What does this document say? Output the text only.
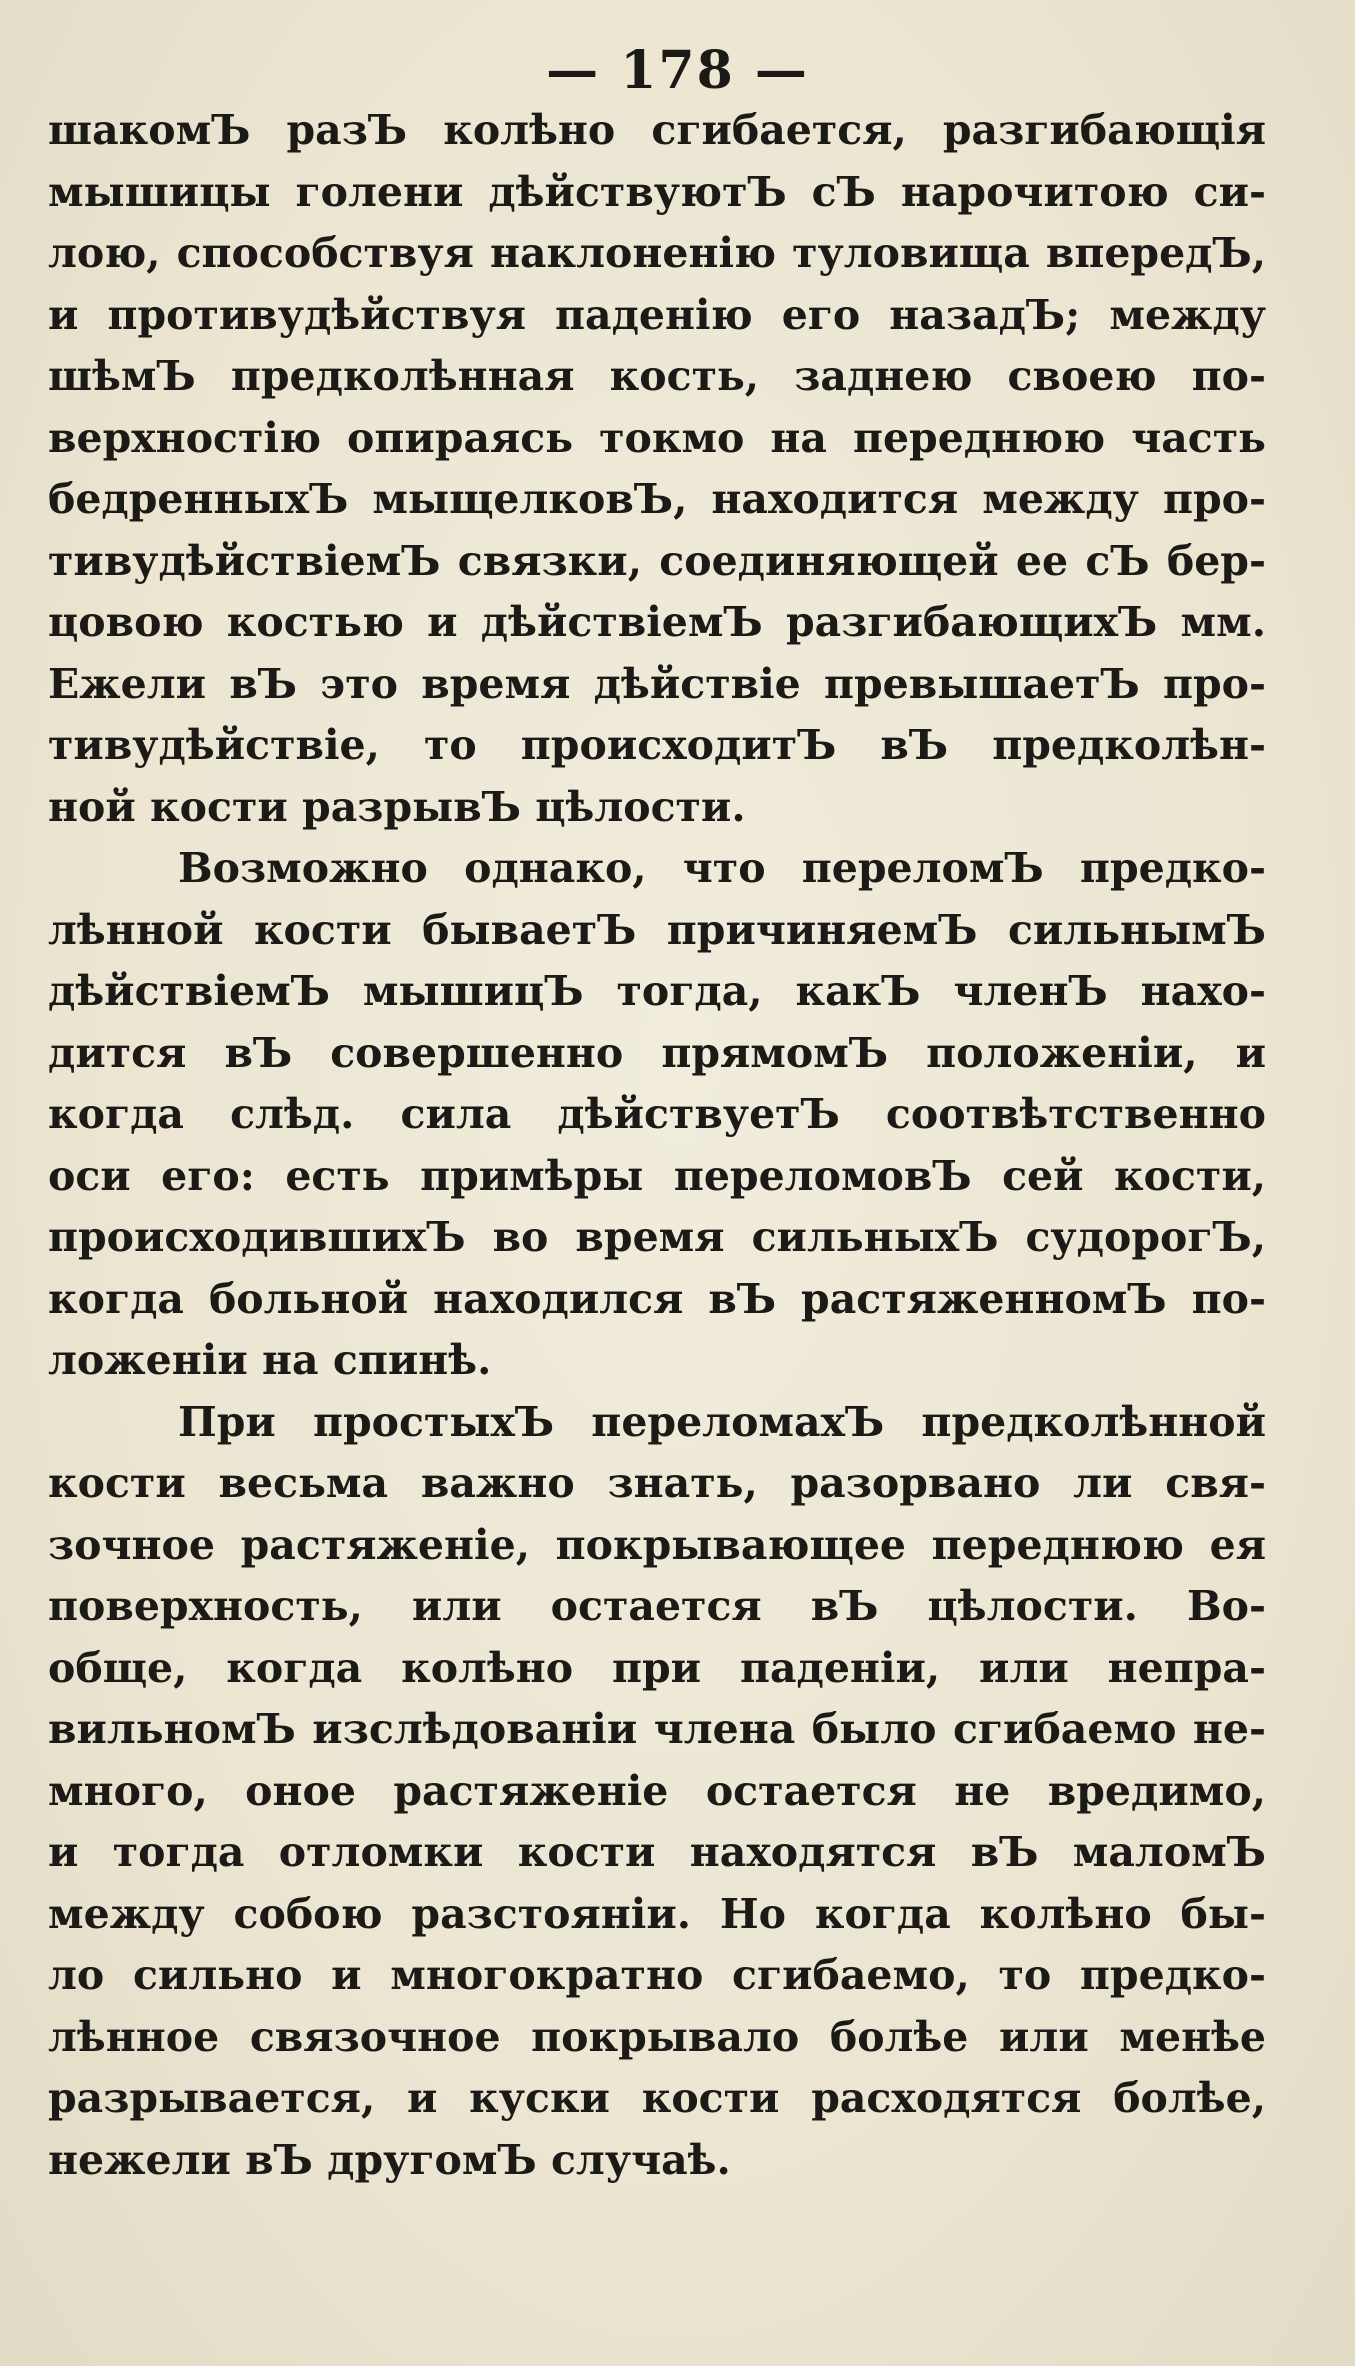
— 178 —
шакомЪ разЪ колѣно сгибается, разгибающія
мышицы голени дѣйствуютЪ сЪ нарочитою си-
лою, способствуя наклоненію туловища впередЪ,
и противудѣйствуя паденію его назадЪ; между
шѣмЪ предколѣнная кость, заднею своею по-
верхностію опираясь токмо на переднюю часть
бедренныхЪ мыщелковЪ, находится между про-
тивудѣйствіемЪ связки, соединяющей ее сЪ бер-
цовою костью и дѣйствіемЪ разгибающихЪ мм.
Ежели вЪ это время дѣйствіе превышаетЪ про-
тивудѣйствіе, то происходитЪ вЪ предколѣн-
ной кости разрывЪ цѣлости.
Возможно однако, что переломЪ предко-
лѣнной кости бываетЪ причиняемЪ сильнымЪ
дѣйствіемЪ мышицЪ тогда, какЪ членЪ нахо-
дится вЪ совершенно прямомЪ положеніи, и
когда слѣд. сила дѣйствуетЪ соотвѣтственно
оси его: есть примѣры переломовЪ сей кости,
происходившихЪ во время сильныхЪ судорогЪ,
когда больной находился вЪ растяженномЪ по-
ложеніи на спинѣ.
При простыхЪ переломахЪ предколѣнной
кости весьма важно знать, разорвано ли свя-
зочное растяженіе, покрывающее переднюю ея
поверхность, или остается вЪ цѣлости. Во-
обще, когда колѣно при паденіи, или непра-
вильномЪ изслѣдованіи члена было сгибаемо не-
много, оное растяженіе остается не вредимо,
и тогда отломки кости находятся вЪ маломЪ
между собою разстояніи. Но когда колѣно бы-
ло сильно и многократно сгибаемо, то предко-
лѣнное связочное покрывало болѣе или менѣе
разрывается, и куски кости расходятся болѣе,
нежели вЪ другомЪ случаѣ.
